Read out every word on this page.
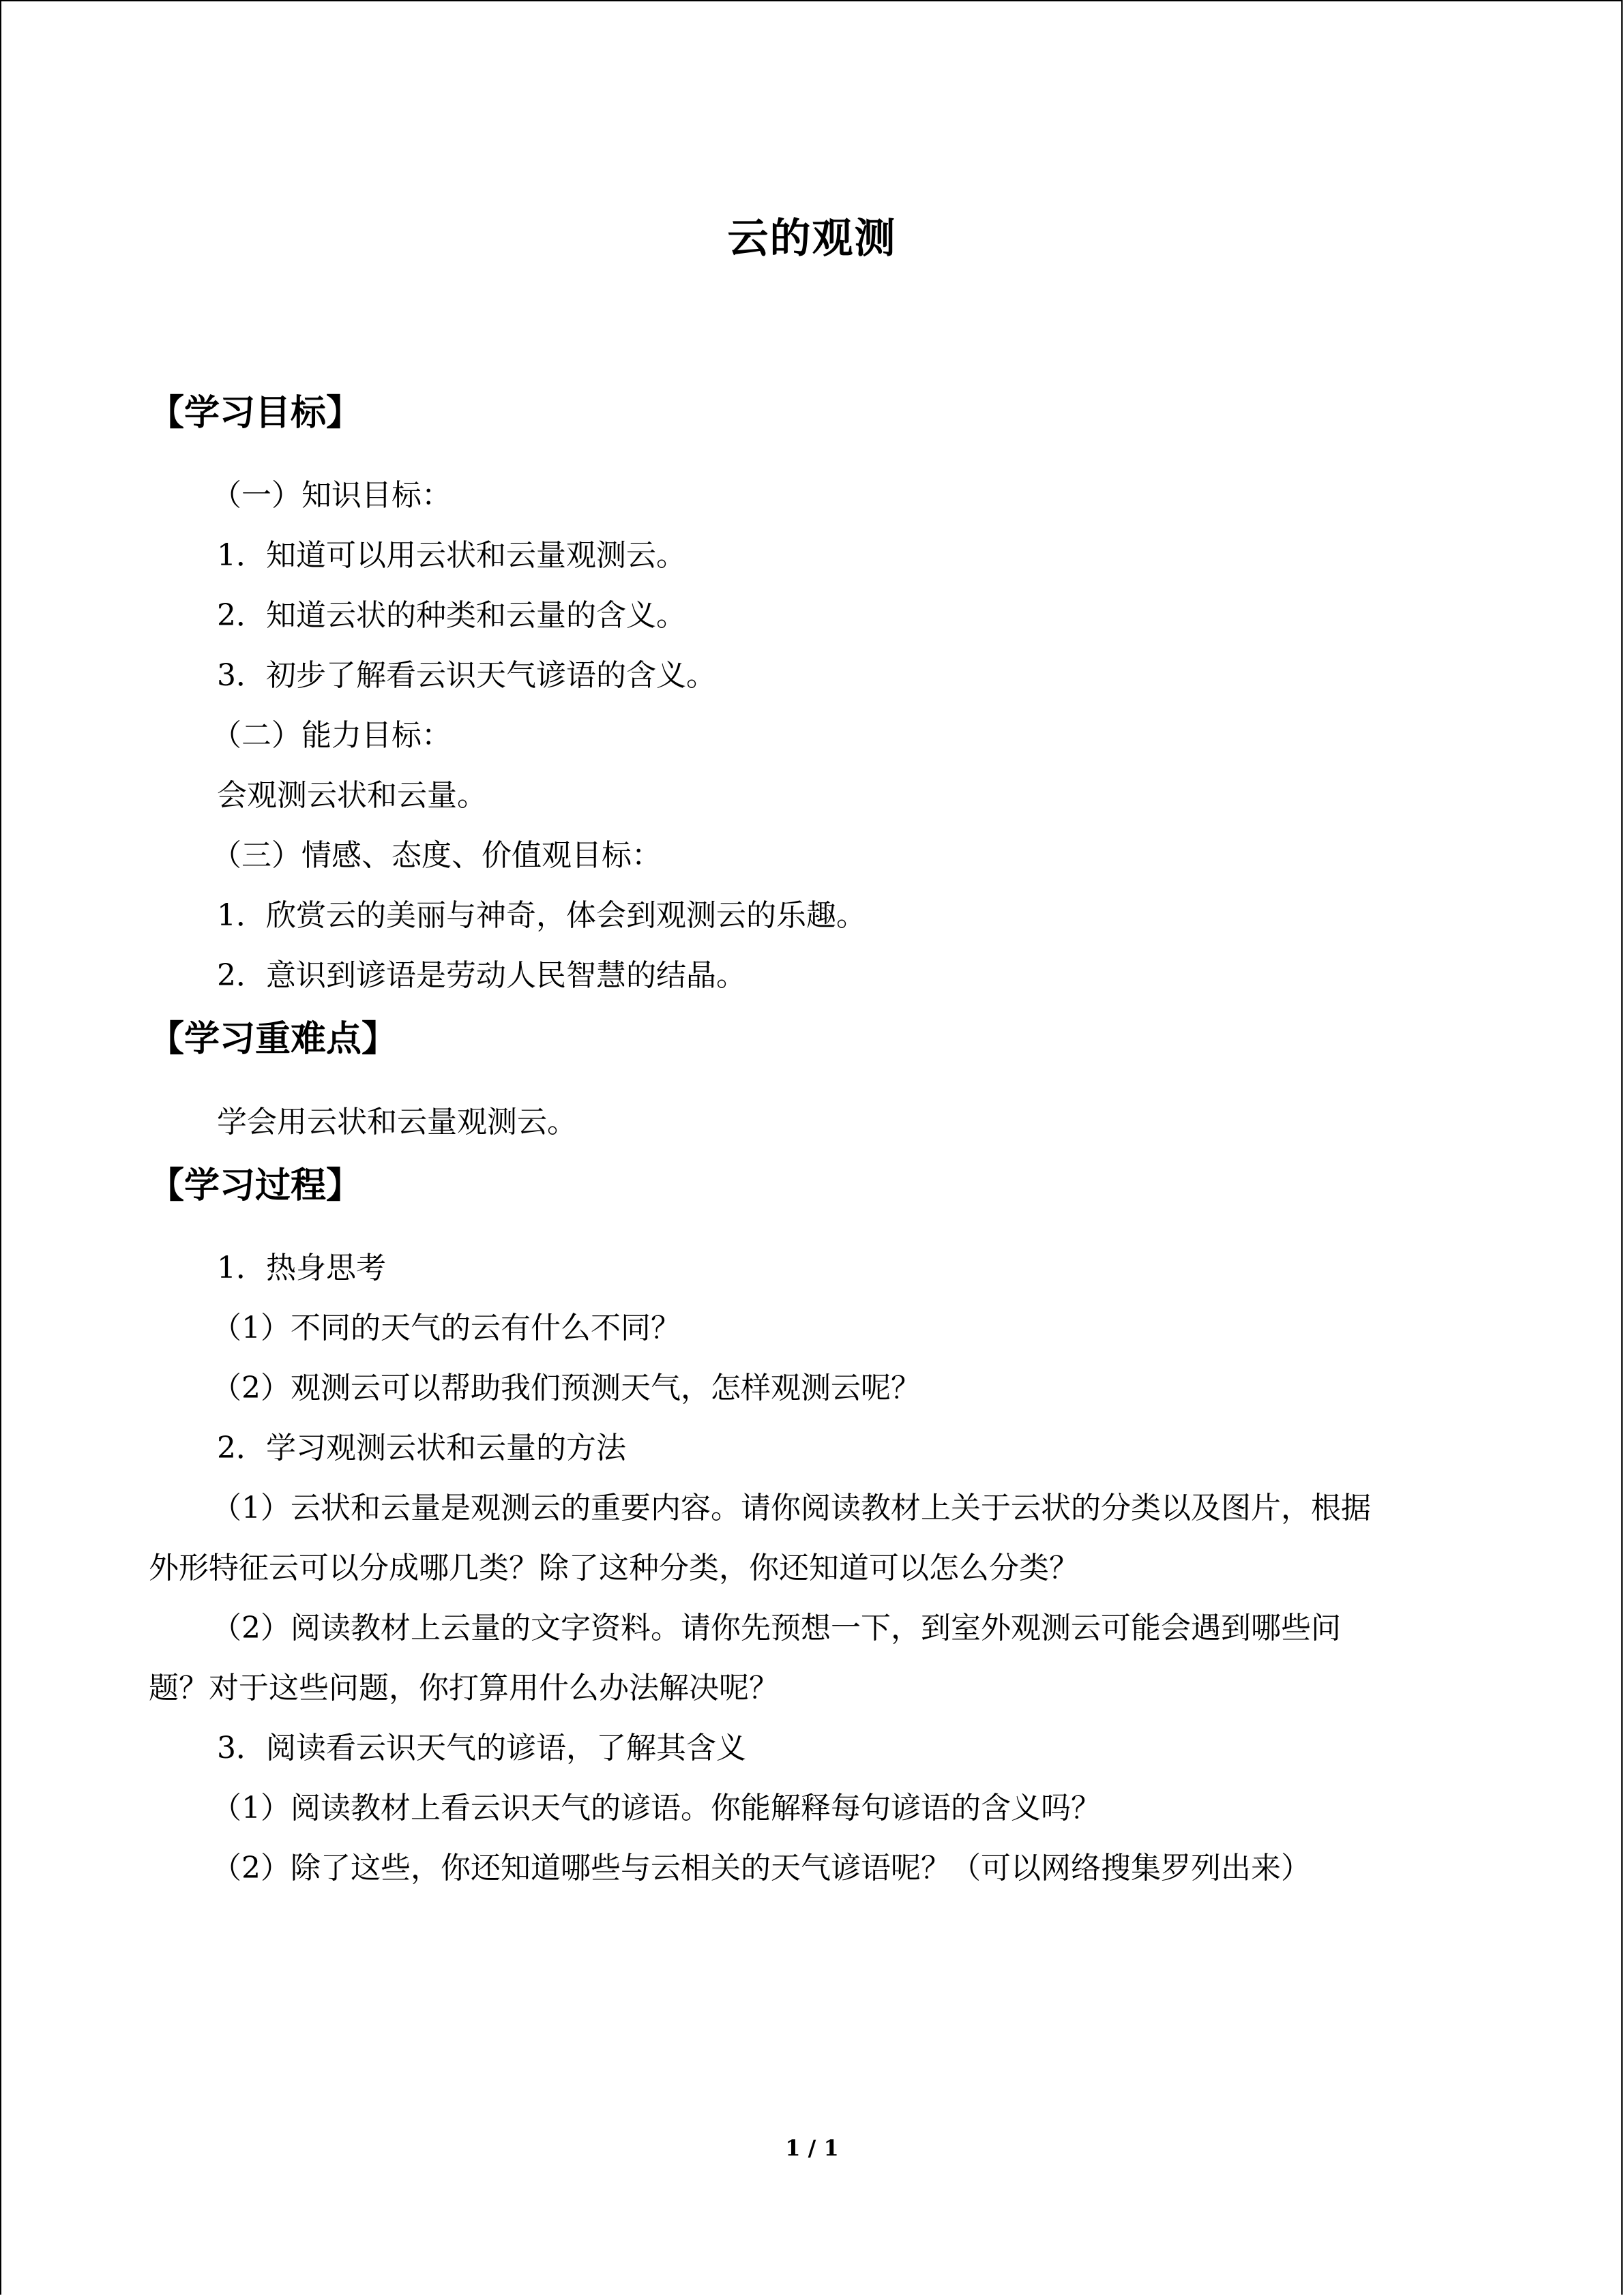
云的观测
【学习目标】
（一）知识目标：
1．知道可以用云状和云量观测云。
2．知道云状的种类和云量的含义。
3．初步了解看云识天气谚语的含义。
（二）能力目标：
会观测云状和云量。
（三）情感、态度、价值观目标：
1．欣赏云的美丽与神奇，体会到观测云的乐趣。
2．意识到谚语是劳动人民智慧的结晶。
【学习重难点】
学会用云状和云量观测云。
【学习过程】
1．热身思考
（1）不同的天气的云有什么不同？
（2）观测云可以帮助我们预测天气，怎样观测云呢？
2．学习观测云状和云量的方法
（1）云状和云量是观测云的重要内容。请你阅读教材上关于云状的分类以及图片，根据
外形特征云可以分成哪几类？除了这种分类，你还知道可以怎么分类？
（2）阅读教材上云量的文字资料。请你先预想一下，到室外观测云可能会遇到哪些问
题？对于这些问题，你打算用什么办法解决呢？
3．阅读看云识天气的谚语，了解其含义
（1）阅读教材上看云识天气的谚语。你能解释每句谚语的含义吗？
（2）除了这些，你还知道哪些与云相关的天气谚语呢？（可以网络搜集罗列出来）
1 / 1
